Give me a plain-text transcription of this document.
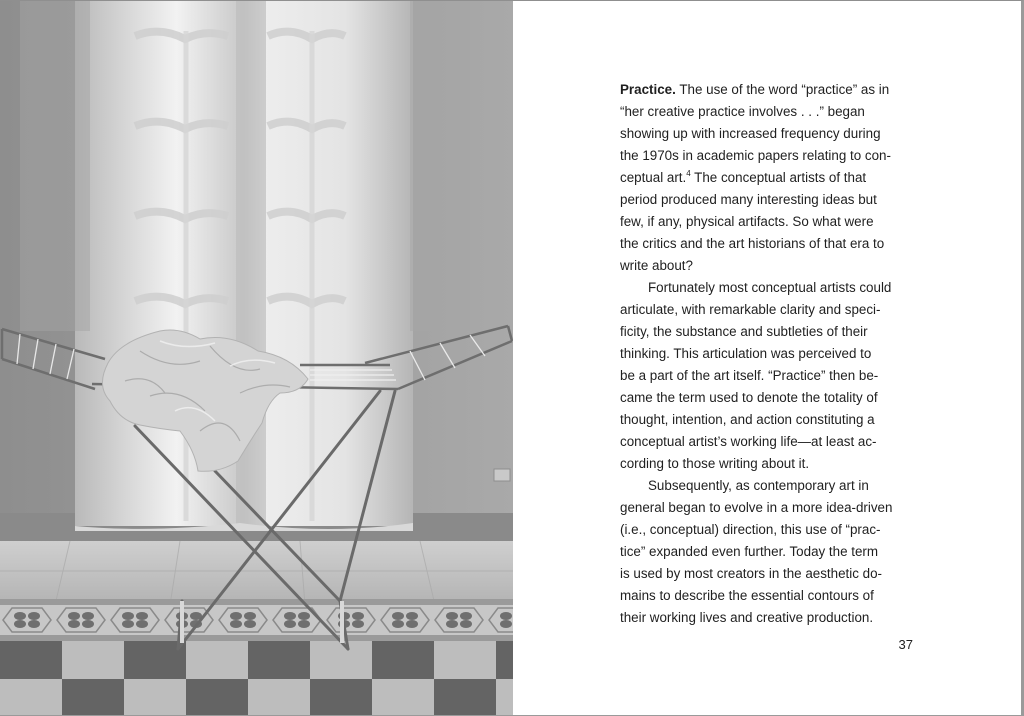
Practice. The use of the word “practice” as in
“her creative practice involves . . .” began
showing up with increased frequency during
the 1970s in academic papers relating to con-
ceptual art.$^4$ The conceptual artists of that
period produced many interesting ideas but
few, if any, physical artifacts. So what were
the critics and the art historians of that era to
write about?
Fortunately most conceptual artists could
articulate, with remarkable clarity and speci-
ficity, the substance and subtleties of their
thinking. This articulation was perceived to
be a part of the art itself. “Practice” then be-
came the term used to denote the totality of
thought, intention, and action constituting a
conceptual artist’s working life—at least ac-
cording to those writing about it.
Subsequently, as contemporary art in
general began to evolve in a more idea-driven
(i.e., conceptual) direction, this use of “prac-
tice” expanded even further. Today the term
is used by most creators in the aesthetic do-
mains to describe the essential contours of
their working lives and creative production.
37
